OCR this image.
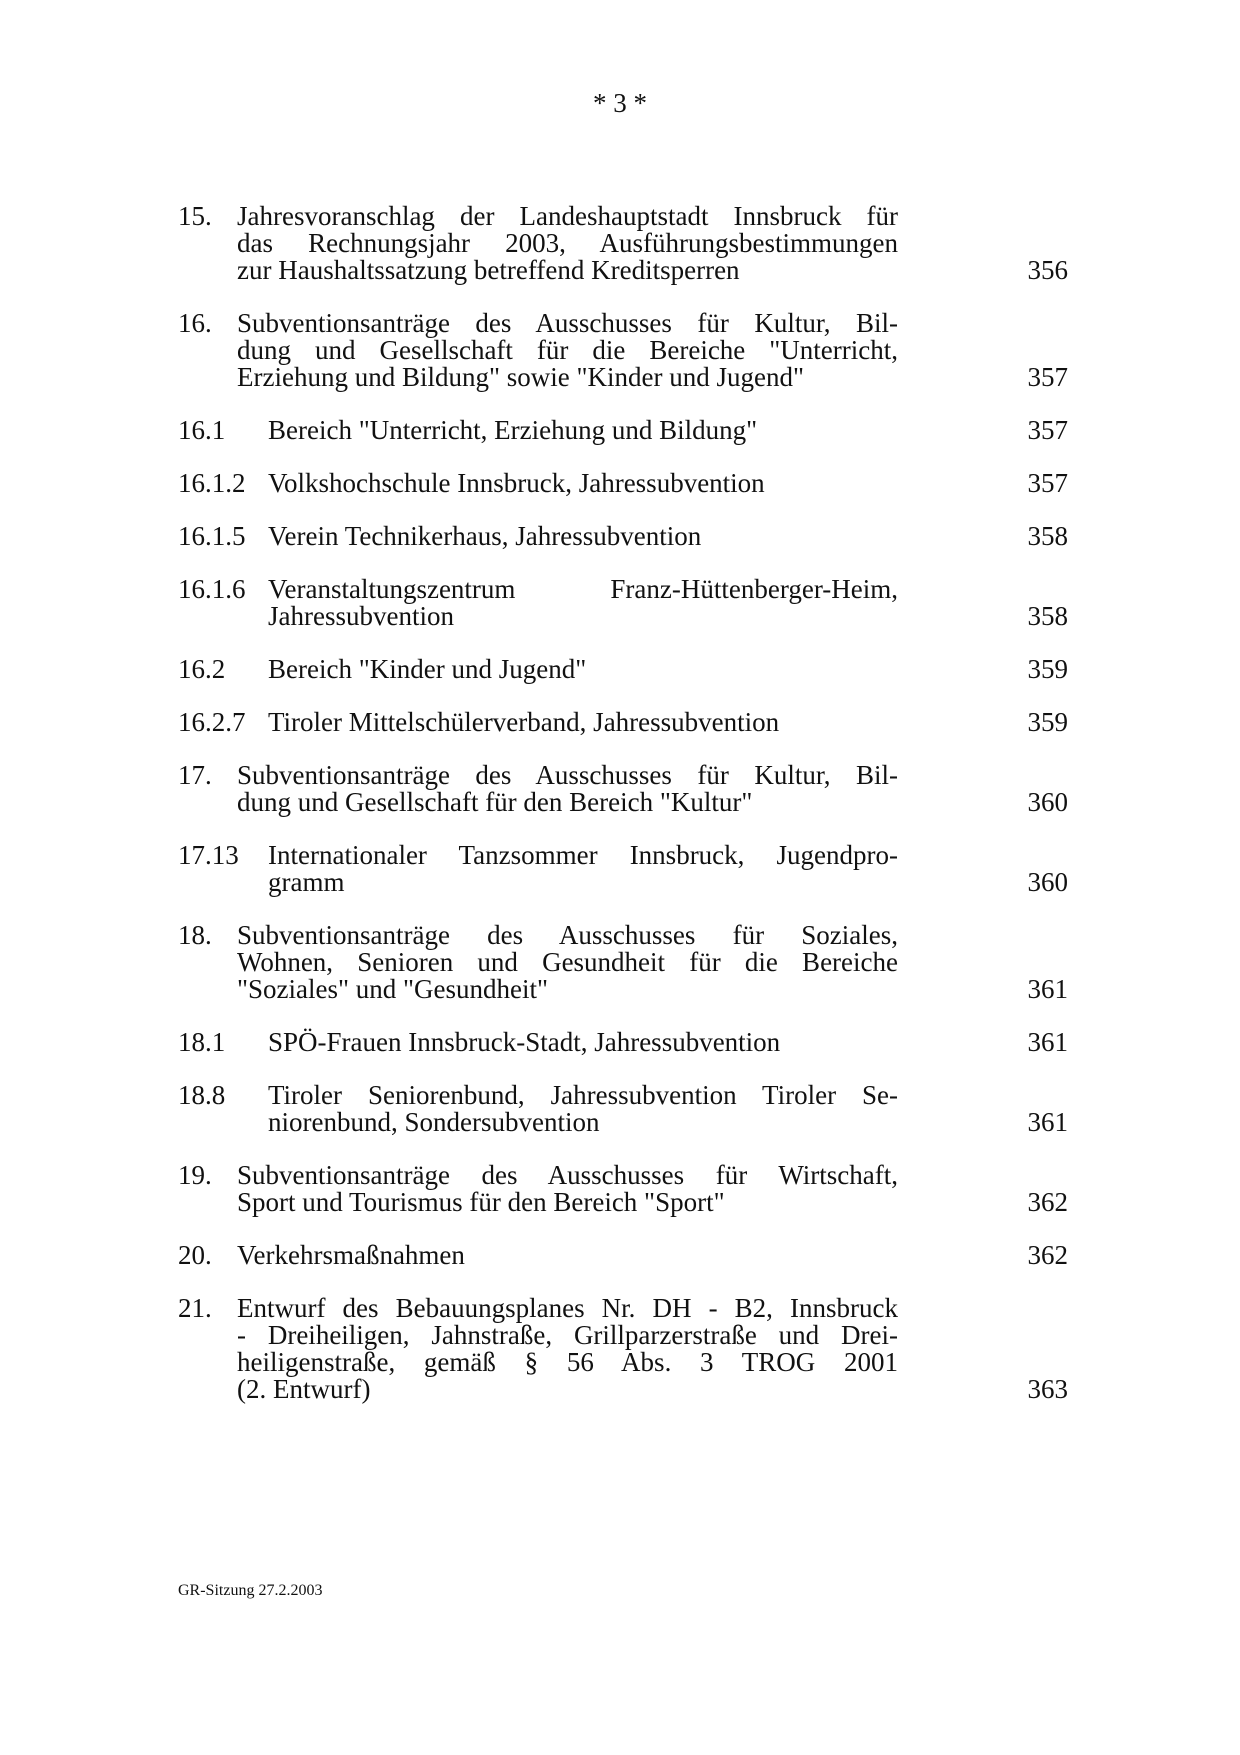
* 3 *
15. Jahresvoranschlag der Landeshauptstadt Innsbruck für
das Rechnungsjahr 2003, Ausführungsbestimmungen
zur Haushaltssatzung betreffend Kreditsperren	356
16. Subventionsanträge des Ausschusses für Kultur, Bil-
dung und Gesellschaft für die Bereiche "Unterricht,
Erziehung und Bildung" sowie "Kinder und Jugend"	357
16.1 Bereich "Unterricht, Erziehung und Bildung"	357
16.1.2 Volkshochschule Innsbruck, Jahressubvention	357
16.1.5 Verein Technikerhaus, Jahressubvention	358
16.1.6 Veranstaltungszentrum Franz-Hüttenberger-Heim,
Jahressubvention	358
16.2 Bereich "Kinder und Jugend"	359
16.2.7 Tiroler Mittelschülerverband, Jahressubvention	359
17. Subventionsanträge des Ausschusses für Kultur, Bil-
dung und Gesellschaft für den Bereich "Kultur"	360
17.13 Internationaler Tanzsommer Innsbruck, Jugendpro-
gramm	360
18. Subventionsanträge des Ausschusses für Soziales,
Wohnen, Senioren und Gesundheit für die Bereiche
"Soziales" und "Gesundheit"	361
18.1 SPÖ-Frauen Innsbruck-Stadt, Jahressubvention	361
18.8 Tiroler Seniorenbund, Jahressubvention Tiroler Se-
niorenbund, Sondersubvention	361
19. Subventionsanträge des Ausschusses für Wirtschaft,
Sport und Tourismus für den Bereich "Sport"	362
20. Verkehrsmaßnahmen	362
21. Entwurf des Bebauungsplanes Nr. DH - B2, Innsbruck
- Dreiheiligen, Jahnstraße, Grillparzerstraße und Drei-
heiligenstraße, gemäß § 56 Abs. 3 TROG 2001
(2. Entwurf)	363
GR-Sitzung 27.2.2003
